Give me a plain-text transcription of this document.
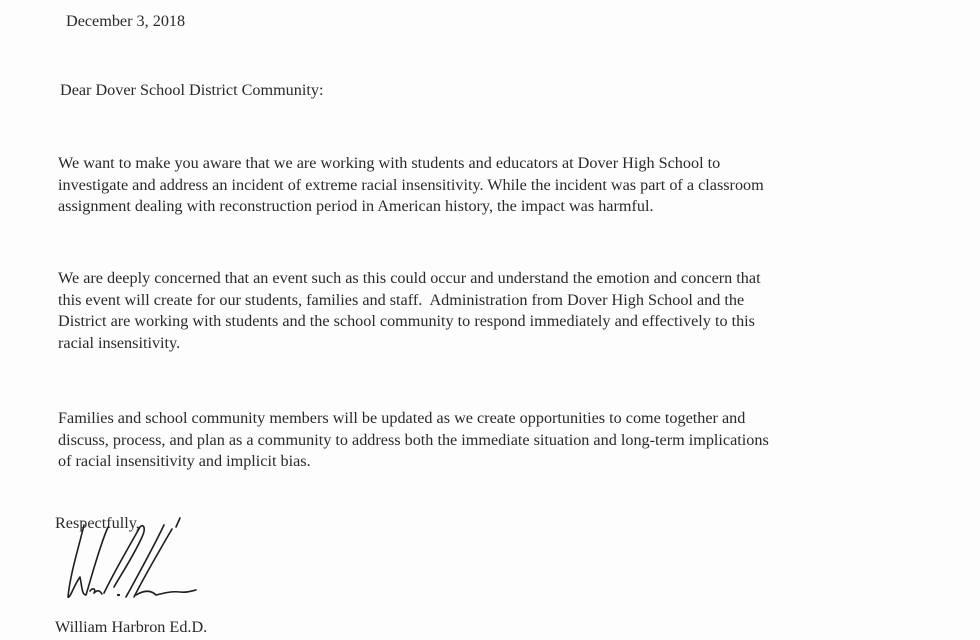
December 3, 2018
Dear Dover School District Community:
We want to make you aware that we are working with students and educators at Dover High School to
investigate and address an incident of extreme racial insensitivity. While the incident was part of a classroom
assignment dealing with reconstruction period in American history, the impact was harmful.
We are deeply concerned that an event such as this could occur and understand the emotion and concern that
this event will create for our students, families and staff.  Administration from Dover High School and the
District are working with students and the school community to respond immediately and effectively to this
racial insensitivity.
Families and school community members will be updated as we create opportunities to come together and
discuss, process, and plan as a community to address both the immediate situation and long-term implications
of racial insensitivity and implicit bias.
Respectfully,
William Harbron Ed.D.
